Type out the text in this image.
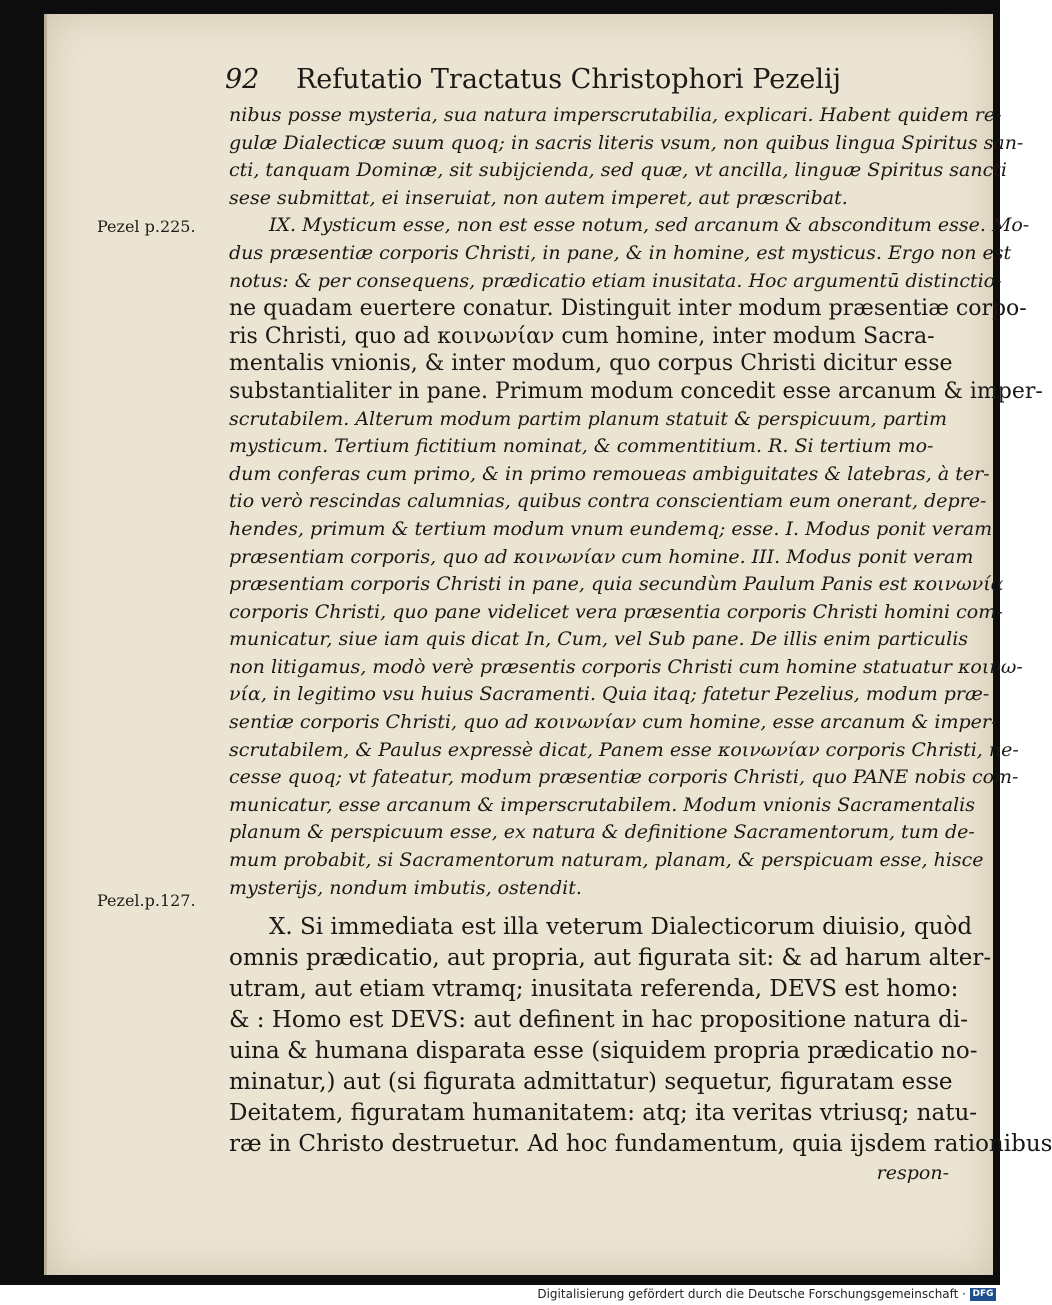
92 Refutatio Tractatus Christophori Pezelij
Pezel p.225.
Pezel.p.127.
nibus posse mysteria, sua natura imperscrutabilia, explicari. Habent quidem re-
gulæ Dialecticæ suum quoq; in sacris literis vsum, non quibus lingua Spiritus san-
cti, tanquam Dominæ, sit subijcienda, sed quæ, vt ancilla, linguæ Spiritus sancti
sese submittat, ei inseruiat, non autem imperet, aut præscribat.
IX. Mysticum esse, non est esse notum, sed arcanum & absconditum esse. Mo-
dus præsentiæ corporis Christi, in pane, & in homine, est mysticus. Ergo non est
notus: & per consequens, prædicatio etiam inusitata. Hoc argumentū distinctio-
ne quadam euertere conatur. Distinguit inter modum præsentiæ corpo-
ris Christi, quo ad κοινωνίαν cum homine, inter modum Sacra-
mentalis vnionis, & inter modum, quo corpus Christi dicitur esse
substantialiter in pane. Primum modum concedit esse arcanum & imper-
scrutabilem. Alterum modum partim planum statuit & perspicuum, partim
mysticum. Tertium fictitium nominat, & commentitium. R. Si tertium mo-
dum conferas cum primo, & in primo remoueas ambiguitates & latebras, à ter-
tio verò rescindas calumnias, quibus contra conscientiam eum onerant, depre-
hendes, primum & tertium modum vnum eundemq; esse. I. Modus ponit veram
præsentiam corporis, quo ad κοινωνίαν cum homine. III. Modus ponit veram
præsentiam corporis Christi in pane, quia secundùm Paulum Panis est κοινωνία
corporis Christi, quo pane videlicet vera præsentia corporis Christi homini com-
municatur, siue iam quis dicat In, Cum, vel Sub pane. De illis enim particulis
non litigamus, modò verè præsentis corporis Christi cum homine statuatur κοινω-
νία, in legitimo vsu huius Sacramenti. Quia itaq; fatetur Pezelius, modum præ-
sentiæ corporis Christi, quo ad κοινωνίαν cum homine, esse arcanum & imper-
scrutabilem, & Paulus expressè dicat, Panem esse κοινωνίαν corporis Christi, ne-
cesse quoq; vt fateatur, modum præsentiæ corporis Christi, quo PANE nobis com-
municatur, esse arcanum & imperscrutabilem. Modum vnionis Sacramentalis
planum & perspicuum esse, ex natura & definitione Sacramentorum, tum de-
mum probabit, si Sacramentorum naturam, planam, & perspicuam esse, hisce
mysterijs, nondum imbutis, ostendit.
X. Si immediata est illa veterum Dialecticorum diuisio, quòd
omnis prædicatio, aut propria, aut figurata sit: & ad harum alter-
utram, aut etiam vtramq; inusitata referenda, DEVS est homo:
& : Homo est DEVS: aut definent in hac propositione natura di-
uina & humana disparata esse (siquidem propria prædicatio no-
minatur,) aut (si figurata admittatur) sequetur, figuratam esse
Deitatem, figuratam humanitatem: atq; ita veritas vtriusq; natu-
ræ in Christo destruetur. Ad hoc fundamentum, quia ijsdem rationibus
respon-
Digitalisierung gefördert durch die Deutsche Forschungsgemeinschaft · DFG
